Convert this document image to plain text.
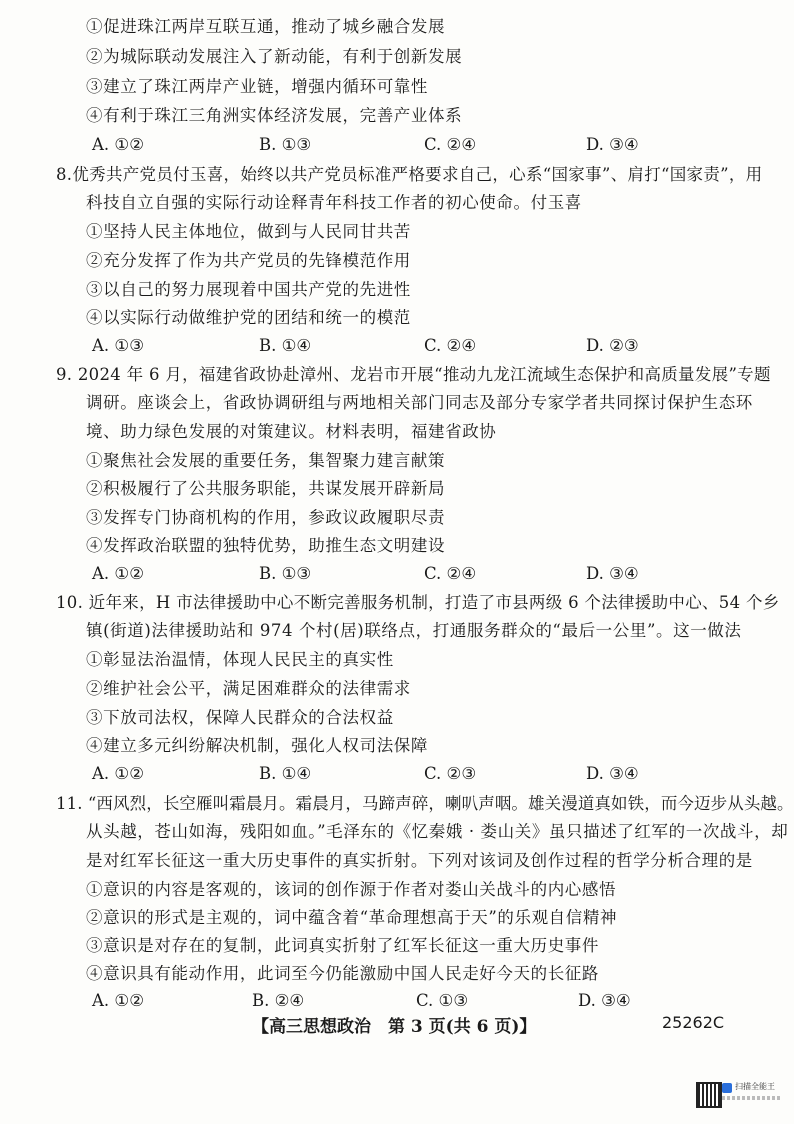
①促进珠江两岸互联互通，推动了城乡融合发展
②为城际联动发展注入了新动能，有利于创新发展
③建立了珠江两岸产业链，增强内循环可靠性
④有利于珠江三角洲实体经济发展，完善产业体系
A. ①②	B. ①③	C. ②④	D. ③④
8.优秀共产党员付玉喜，始终以共产党员标准严格要求自己，心系“国家事”、肩打“国家责”，用
科技自立自强的实际行动诠释青年科技工作者的初心使命。付玉喜
①坚持人民主体地位，做到与人民同甘共苦
②充分发挥了作为共产党员的先锋模范作用
③以自己的努力展现着中国共产党的先进性
④以实际行动做维护党的团结和统一的模范
A. ①③	B. ①④	C. ②④	D. ②③
9. 2024 年 6 月，福建省政协赴漳州、龙岩市开展“推动九龙江流域生态保护和高质量发展”专题
调研。座谈会上，省政协调研组与两地相关部门同志及部分专家学者共同探讨保护生态环
境、助力绿色发展的对策建议。材料表明，福建省政协
①聚焦社会发展的重要任务，集智聚力建言献策
②积极履行了公共服务职能，共谋发展开辟新局
③发挥专门协商机构的作用，参政议政履职尽责
④发挥政治联盟的独特优势，助推生态文明建设
A. ①②	B. ①③	C. ②④	D. ③④
10. 近年来，H 市法律援助中心不断完善服务机制，打造了市县两级 6 个法律援助中心、54 个乡
镇(街道)法律援助站和 974 个村(居)联络点，打通服务群众的“最后一公里”。这一做法
①彰显法治温情，体现人民民主的真实性
②维护社会公平，满足困难群众的法律需求
③下放司法权，保障人民群众的合法权益
④建立多元纠纷解决机制，强化人权司法保障
A. ①②	B. ①④	C. ②③	D. ③④
11. “西风烈，长空雁叫霜晨月。霜晨月，马蹄声碎，喇叭声咽。雄关漫道真如铁，而今迈步从头越。
从头越，苍山如海，残阳如血。”毛泽东的《忆秦娥 · 娄山关》虽只描述了红军的一次战斗，却
是对红军长征这一重大历史事件的真实折射。下列对该词及创作过程的哲学分析合理的是
①意识的内容是客观的，该词的创作源于作者对娄山关战斗的内心感悟
②意识的形式是主观的，词中蕴含着“革命理想高于天”的乐观自信精神
③意识是对存在的复制，此词真实折射了红军长征这一重大历史事件
④意识具有能动作用，此词至今仍能激励中国人民走好今天的长征路
A. ①②	B. ②④	C. ①③	D. ③④
【高三思想政治　第 3 页(共 6 页)】	25262C
扫描全能王
